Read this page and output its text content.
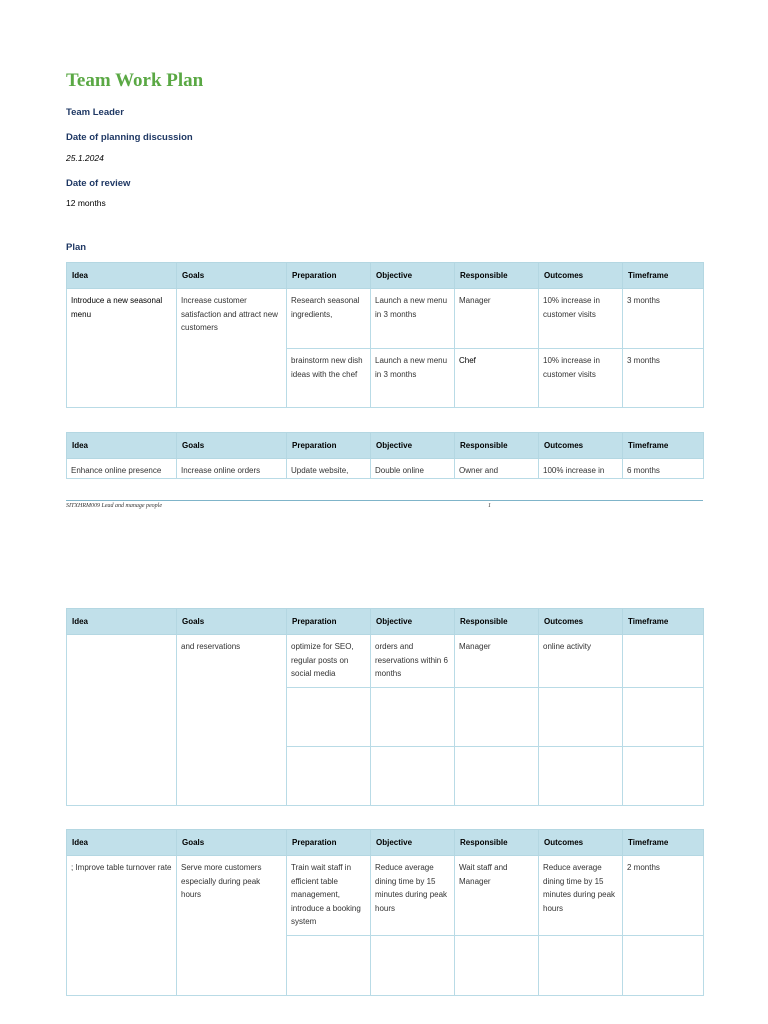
Team Work Plan
Team Leader
Date of planning discussion
25.1.2024
Date of review
12 months
Plan
Idea	Goals	Preparation	Objective	Responsible	Outcomes	Timeframe
Introduce a new seasonal menu	Increase customer satisfaction and attract new customers	Research seasonal ingredients,	Launch a new menu in 3 months	Manager	10% increase in customer visits	3 months
		brainstorm new dish ideas with the chef	Launch a new menu in 3 months	Chef	10% increase in customer visits	3 months
Idea	Goals	Preparation	Objective	Responsible	Outcomes	Timeframe
Enhance online presence	Increase online orders	Update website,	Double online	Owner and	100% increase in	6 months
SITXHRM009 Lead and manage people	1
Idea	Goals	Preparation	Objective	Responsible	Outcomes	Timeframe
	and reservations	optimize for SEO, regular posts on social media	orders and reservations within 6 months	Manager	online activity	

Idea	Goals	Preparation	Objective	Responsible	Outcomes	Timeframe
; Improve table turnover rate	Serve more customers especially during peak hours	Train wait staff in efficient table management, introduce a booking system	Reduce average dining time by 15 minutes during peak hours	Wait staff and Manager	Reduce average dining time by 15 minutes during peak hours	2 months
